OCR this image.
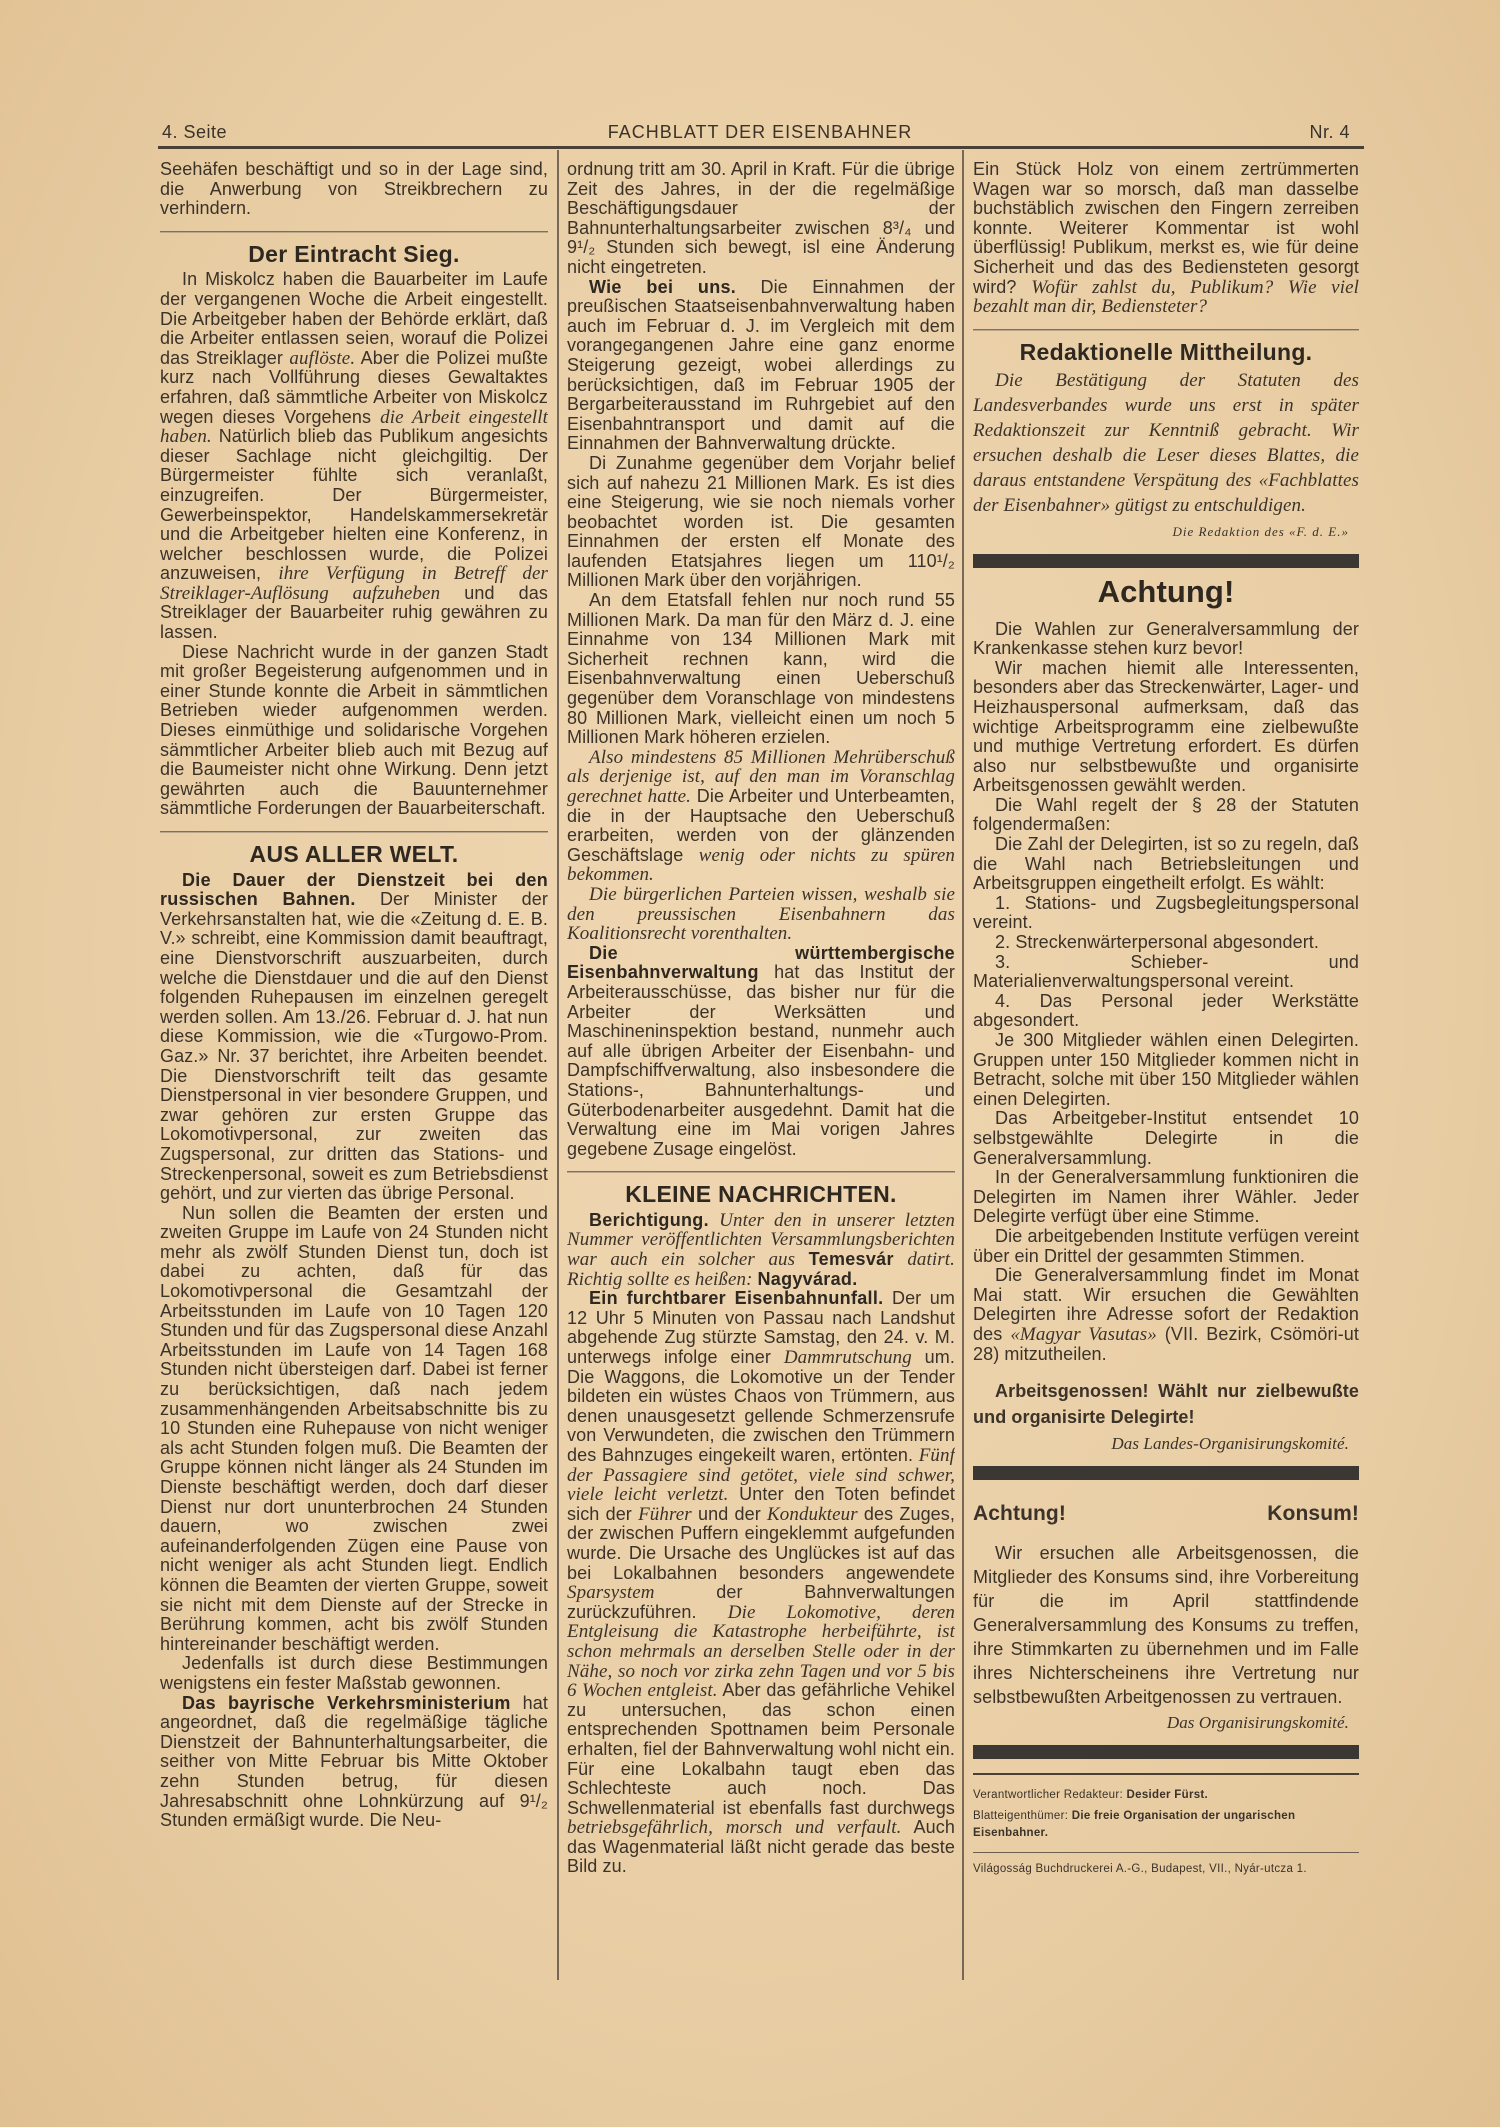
4. Seite	FACHBLATT DER EISENBAHNER	Nr. 4

Seehäfen beschäftigt und so in der Lage sind, die Anwerbung von Streikbrechern zu verhindern.

Der Eintracht Sieg.

In Miskolcz haben die Bauarbeiter im Laufe der vergangenen Woche die Arbeit eingestellt. Die Arbeitgeber haben der Behörde erklärt, daß die Arbeiter entlassen seien, worauf die Polizei das Streiklager auflöste. Aber die Polizei mußte kurz nach Vollführung dieses Gewaltaktes erfahren, daß sämmtliche Arbeiter von Miskolcz wegen dieses Vorgehens die Arbeit eingestellt haben. Natürlich blieb das Publikum angesichts dieser Sachlage nicht gleichgiltig. Der Bürgermeister fühlte sich veranlaßt, einzugreifen. Der Bürgermeister, Gewerbeinspektor, Handelskammersekretär und die Arbeitgeber hielten eine Konferenz, in welcher beschlossen wurde, die Polizei anzuweisen, ihre Verfügung in Betreff der Streiklager-Auflösung aufzuheben und das Streiklager der Bauarbeiter ruhig gewähren zu lassen.

Diese Nachricht wurde in der ganzen Stadt mit großer Begeisterung aufgenommen und in einer Stunde konnte die Arbeit in sämmtlichen Betrieben wieder aufgenommen werden. Dieses einmüthige und solidarische Vorgehen sämmtlicher Arbeiter blieb auch mit Bezug auf die Baumeister nicht ohne Wirkung. Denn jetzt gewährten auch die Bauunternehmer sämmtliche Forderungen der Bauarbeiterschaft.

AUS ALLER WELT.

Die Dauer der Dienstzeit bei den russischen Bahnen. Der Minister der Verkehrsanstalten hat, wie die «Zeitung d. E. B. V.» schreibt, eine Kommission damit beauftragt, eine Dienstvorschrift auszuarbeiten, durch welche die Dienstdauer und die auf den Dienst folgenden Ruhepausen im einzelnen geregelt werden sollen. Am 13./26. Februar d. J. hat nun diese Kommission, wie die «Turgowo-Prom. Gaz.» Nr. 37 berichtet, ihre Arbeiten beendet. Die Dienstvorschrift teilt das gesamte Dienstpersonal in vier besondere Gruppen, und zwar gehören zur ersten Gruppe das Lokomotivpersonal, zur zweiten das Zugspersonal, zur dritten das Stations- und Streckenpersonal, soweit es zum Betriebsdienst gehört, und zur vierten das übrige Personal.

Nun sollen die Beamten der ersten und zweiten Gruppe im Laufe von 24 Stunden nicht mehr als zwölf Stunden Dienst tun, doch ist dabei zu achten, daß für das Lokomotivpersonal die Gesamtzahl der Arbeitsstunden im Laufe von 10 Tagen 120 Stunden und für das Zugspersonal diese Anzahl Arbeitsstunden im Laufe von 14 Tagen 168 Stunden nicht übersteigen darf. Dabei ist ferner zu berücksichtigen, daß nach jedem zusammenhängenden Arbeitsabschnitte bis zu 10 Stunden eine Ruhepause von nicht weniger als acht Stunden folgen muß. Die Beamten der Gruppe können nicht länger als 24 Stunden im Dienste beschäftigt werden, doch darf dieser Dienst nur dort ununterbrochen 24 Stunden dauern, wo zwischen zwei aufeinanderfolgenden Zügen eine Pause von nicht weniger als acht Stunden liegt. Endlich können die Beamten der vierten Gruppe, soweit sie nicht mit dem Dienste auf der Strecke in Berührung kommen, acht bis zwölf Stunden hintereinander beschäftigt werden.

Jedenfalls ist durch diese Bestimmungen wenigstens ein fester Maßstab gewonnen.

Das bayrische Verkehrsministerium hat angeordnet, daß die regelmäßige tägliche Dienstzeit der Bahnunterhaltungsarbeiter, die seither von Mitte Februar bis Mitte Oktober zehn Stunden betrug, für diesen Jahresabschnitt ohne Lohnkürzung auf 9¹/₂ Stunden ermäßigt wurde. Die Neu-

ordnung tritt am 30. April in Kraft. Für die übrige Zeit des Jahres, in der die regelmäßige Beschäftigungsdauer der Bahnunterhaltungsarbeiter zwischen 8³/₄ und 9¹/₂ Stunden sich bewegt, isl eine Änderung nicht eingetreten.

Wie bei uns. Die Einnahmen der preußischen Staatseisenbahnverwaltung haben auch im Februar d. J. im Vergleich mit dem vorangegangenen Jahre eine ganz enorme Steigerung gezeigt, wobei allerdings zu berücksichtigen, daß im Februar 1905 der Bergarbeiterausstand im Ruhrgebiet auf den Eisenbahntransport und damit auf die Einnahmen der Bahnverwaltung drückte.

Di Zunahme gegenüber dem Vorjahr belief sich auf nahezu 21 Millionen Mark. Es ist dies eine Steigerung, wie sie noch niemals vorher beobachtet worden ist. Die gesamten Einnahmen der ersten elf Monate des laufenden Etatsjahres liegen um 110¹/₂ Millionen Mark über den vorjährigen.

An dem Etatsfall fehlen nur noch rund 55 Millionen Mark. Da man für den März d. J. eine Einnahme von 134 Millionen Mark mit Sicherheit rechnen kann, wird die Eisenbahnverwaltung einen Ueberschuß gegenüber dem Voranschlage von mindestens 80 Millionen Mark, vielleicht einen um noch 5 Millionen Mark höheren erzielen.

Also mindestens 85 Millionen Mehrüberschuß als derjenige ist, auf den man im Voranschlag gerechnet hatte. Die Arbeiter und Unterbeamten, die in der Hauptsache den Ueberschuß erarbeiten, werden von der glänzenden Geschäftslage wenig oder nichts zu spüren bekommen.

Die bürgerlichen Parteien wissen, weshalb sie den preussischen Eisenbahnern das Koalitionsrecht vorenthalten.

Die württembergische Eisenbahnverwaltung hat das Institut der Arbeiterausschüsse, das bisher nur für die Arbeiter der Werksätten und Maschineninspektion bestand, nunmehr auch auf alle übrigen Arbeiter der Eisenbahn- und Dampfschiffverwaltung, also insbesondere die Stations-, Bahnunterhaltungs- und Güterbodenarbeiter ausgedehnt. Damit hat die Verwaltung eine im Mai vorigen Jahres gegebene Zusage eingelöst.

KLEINE NACHRICHTEN.

Berichtigung. Unter den in unserer letzten Nummer veröffentlichten Versammlungsberichten war auch ein solcher aus Temesvár datirt. Richtig sollte es heißen: Nagyvárad.

Ein furchtbarer Eisenbahnunfall. Der um 12 Uhr 5 Minuten von Passau nach Landshut abgehende Zug stürzte Samstag, den 24. v. M. unterwegs infolge einer Dammrutschung um. Die Waggons, die Lokomotive un der Tender bildeten ein wüstes Chaos von Trümmern, aus denen unausgesetzt gellende Schmerzensrufe von Verwundeten, die zwischen den Trümmern des Bahnzuges eingekeilt waren, ertönten. Fünf der Passagiere sind getötet, viele sind schwer, viele leicht verletzt. Unter den Toten befindet sich der Führer und der Kondukteur des Zuges, der zwischen Puffern eingeklemmt aufgefunden wurde. Die Ursache des Unglückes ist auf das bei Lokalbahnen besonders angewendete Sparsystem der Bahnverwaltungen zurückzuführen. Die Lokomotive, deren Entgleisung die Katastrophe herbeiführte, ist schon mehrmals an derselben Stelle oder in der Nähe, so noch vor zirka zehn Tagen und vor 5 bis 6 Wochen entgleist. Aber das gefährliche Vehikel zu untersuchen, das schon einen entsprechenden Spottnamen beim Personale erhalten, fiel der Bahnverwaltung wohl nicht ein. Für eine Lokalbahn taugt eben das Schlechteste auch noch. Das Schwellenmaterial ist ebenfalls fast durchwegs betriebsgefährlich, morsch und verfault. Auch das Wagenmaterial läßt nicht gerade das beste Bild zu.

Ein Stück Holz von einem zertrümmerten Wagen war so morsch, daß man dasselbe buchstäblich zwischen den Fingern zerreiben konnte. Weiterer Kommentar ist wohl überflüssig! Publikum, merkst es, wie für deine Sicherheit und das des Bediensteten gesorgt wird? Wofür zahlst du, Publikum? Wie viel bezahlt man dir, Bediensteter?

Redaktionelle Mittheilung.

Die Bestätigung der Statuten des Landesverbandes wurde uns erst in später Redaktionszeit zur Kenntniß gebracht. Wir ersuchen deshalb die Leser dieses Blattes, die daraus entstandene Verspätung des «Fachblattes der Eisenbahner» gütigst zu entschuldigen.

Die Redaktion des «F. d. E.»
Achtung!

Die Wahlen zur Generalversammlung der Krankenkasse stehen kurz bevor!

Wir machen hiemit alle Interessenten, besonders aber das Streckenwärter, Lager- und Heizhauspersonal aufmerksam, daß das wichtige Arbeitsprogramm eine zielbewußte und muthige Vertretung erfordert. Es dürfen also nur selbstbewußte und organisirte Arbeitsgenossen gewählt werden.

Die Wahl regelt der § 28 der Statuten folgendermaßen:

Die Zahl der Delegirten, ist so zu regeln, daß die Wahl nach Betriebsleitungen und Arbeitsgruppen eingetheilt erfolgt. Es wählt:

1. Stations- und Zugsbegleitungspersonal vereint.

2. Streckenwärterpersonal abgesondert.

3. Schieber- und Materialienverwaltungspersonal vereint.

4. Das Personal jeder Werkstätte abgesondert.

Je 300 Mitglieder wählen einen Delegirten. Gruppen unter 150 Mitglieder kommen nicht in Betracht, solche mit über 150 Mitglieder wählen einen Delegirten.

Das Arbeitgeber-Institut entsendet 10 selbstgewählte Delegirte in die Generalversammlung.

In der Generalversammlung funktioniren die Delegirten im Namen ihrer Wähler. Jeder Delegirte verfügt über eine Stimme.

Die arbeitgebenden Institute verfügen vereint über ein Drittel der gesammten Stimmen.

Die Generalversammlung findet im Monat Mai statt. Wir ersuchen die Gewählten Delegirten ihre Adresse sofort der Redaktion des «Magyar Vasutas» (VII. Bezirk, Csömöri-ut 28) mitzutheilen.

Arbeitsgenossen! Wählt nur zielbewußte und organisirte Delegirte!
Das Landes-Organisirungskomité.
Achtung!	Konsum!

Wir ersuchen alle Arbeitsgenossen, die Mitglieder des Konsums sind, ihre Vorbereitung für die im April stattfindende Generalversammlung des Konsums zu treffen, ihre Stimmkarten zu übernehmen und im Falle ihres Nichterscheinens ihre Vertretung nur selbstbewußten Arbeitgenossen zu vertrauen.

Das Organisirungskomité.
Verantwortlicher Redakteur: Desider Fürst.
Blatteigenthümer: Die freie Organisation der ungarischen Eisenbahner.
Világosság Buchdruckerei A.-G., Budapest, VII., Nyár-utcza 1.
